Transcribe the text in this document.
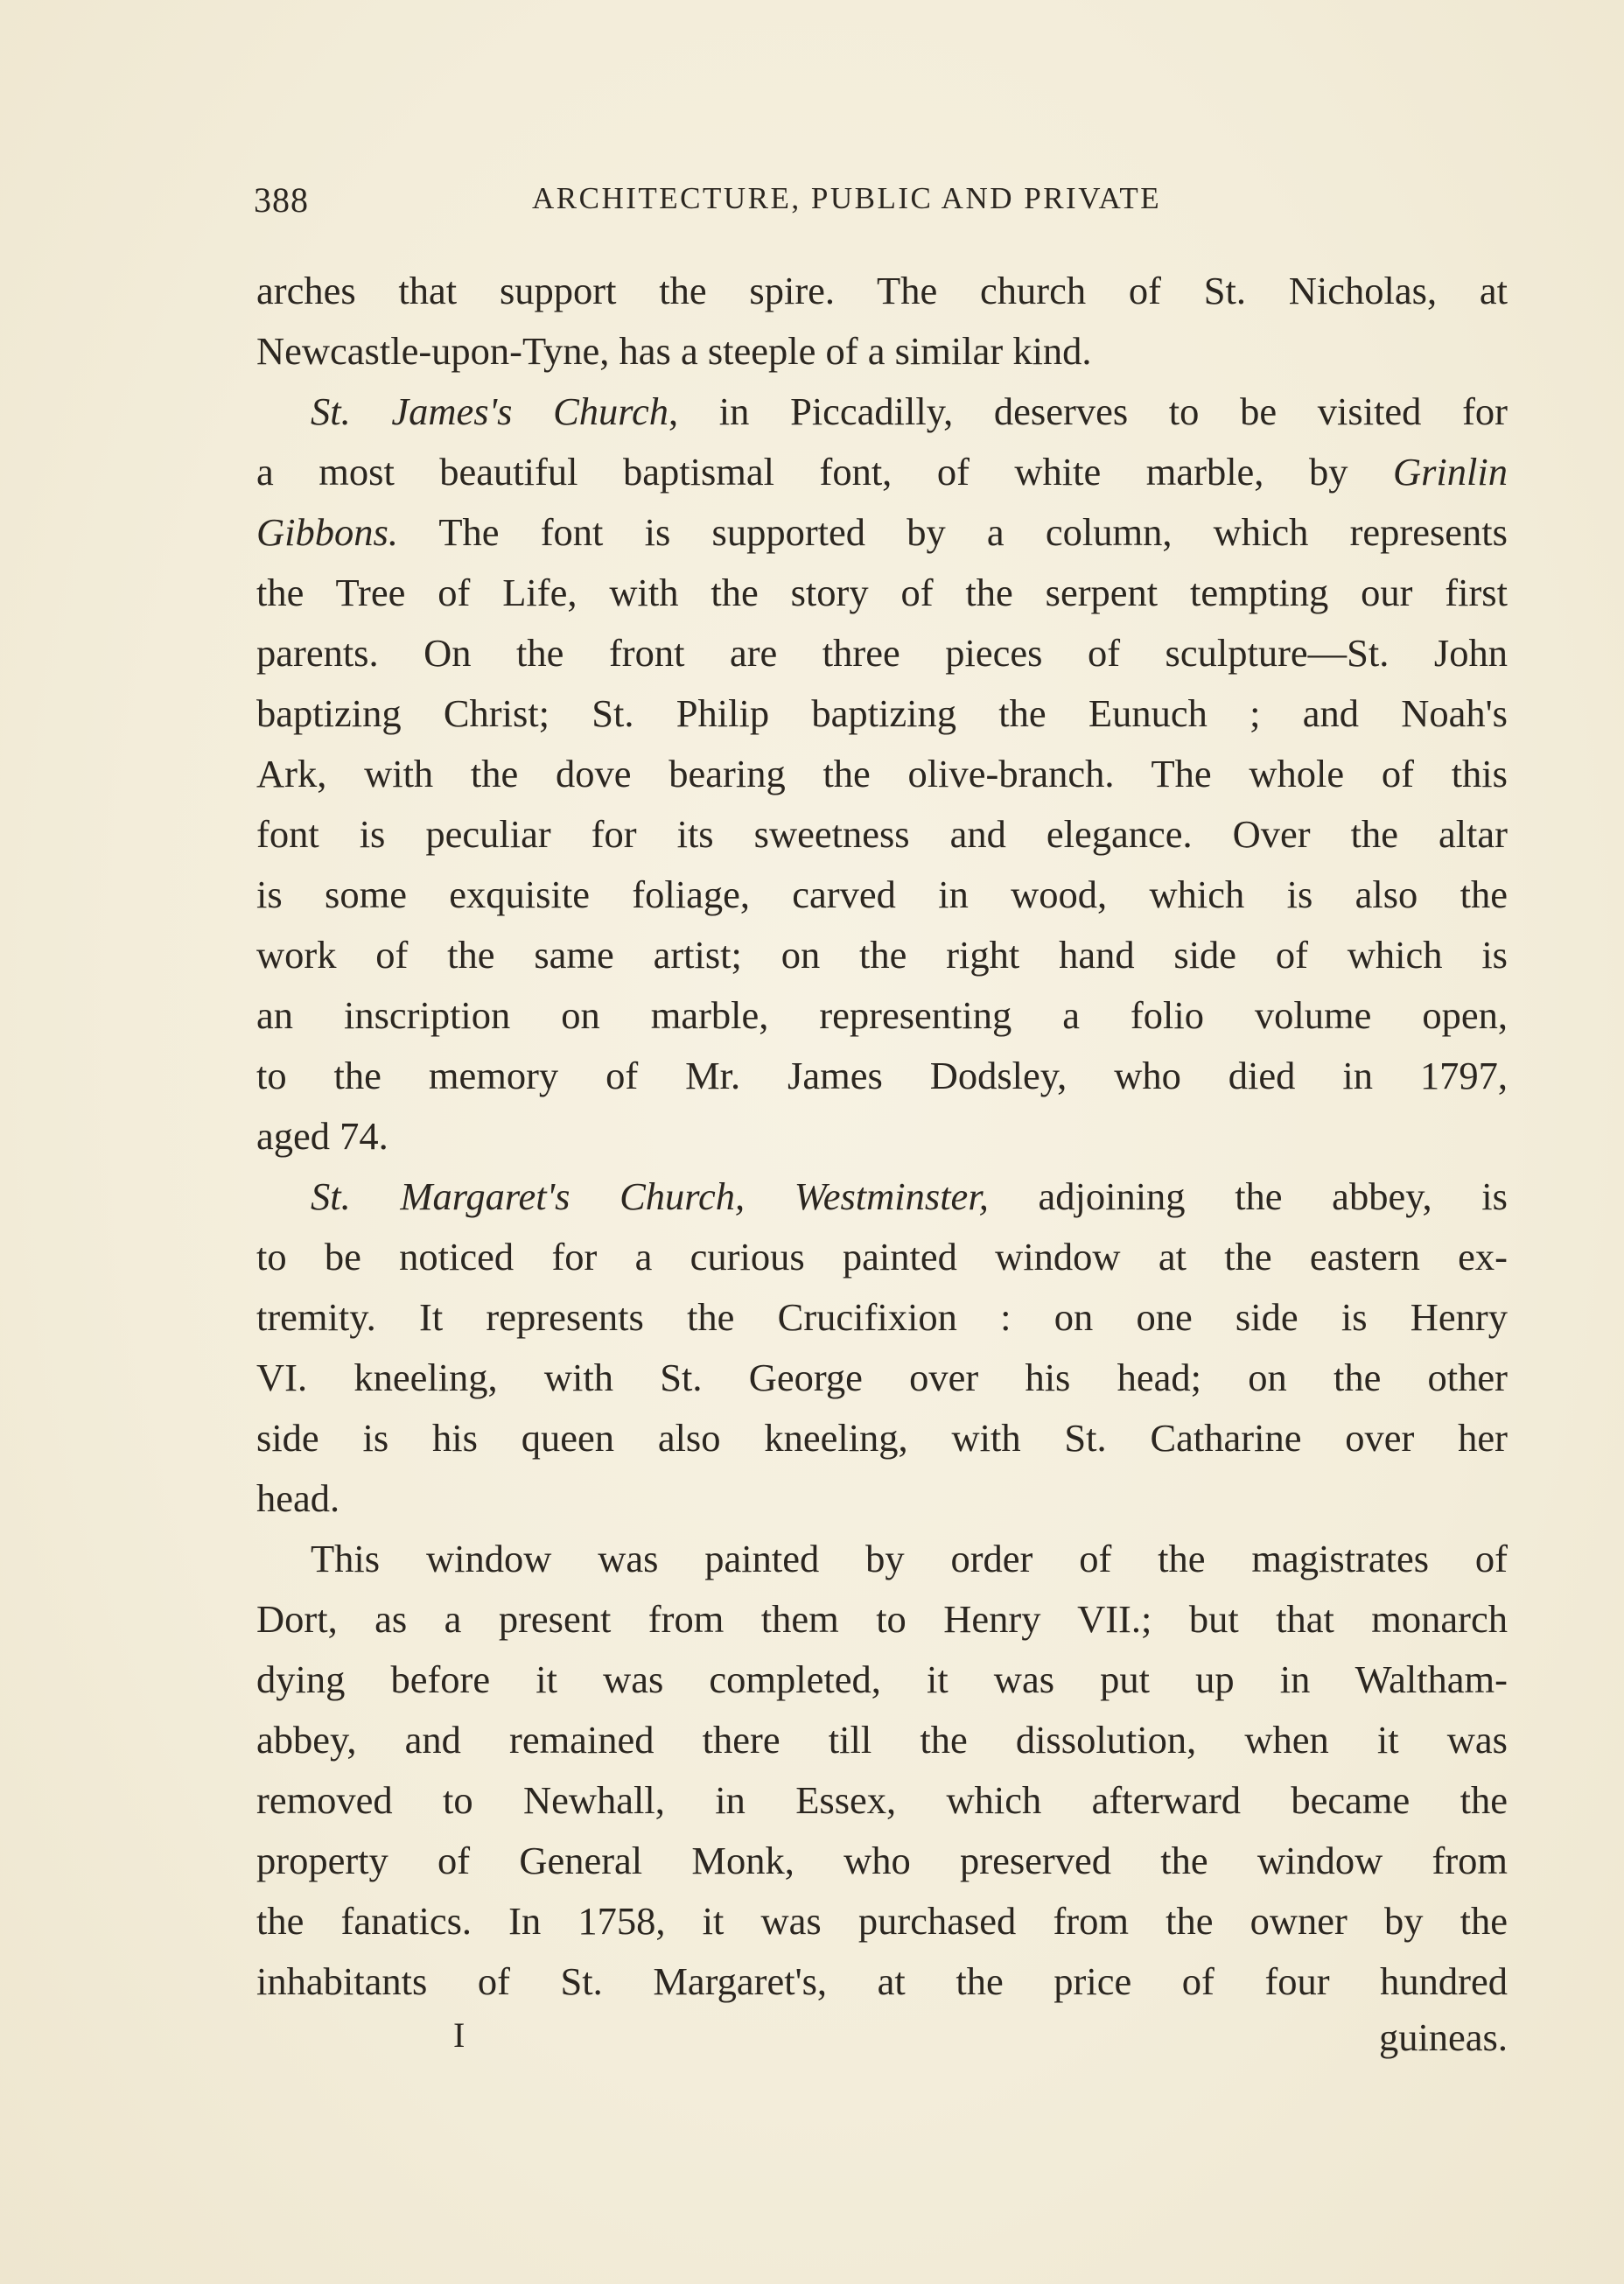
388	ARCHITECTURE, PUBLIC AND PRIVATE
arches that support the spire. The church of St. Nicholas, at
Newcastle-upon-Tyne, has a steeple of a similar kind.
St. James's Church, in Piccadilly, deserves to be visited for
a most beautiful baptismal font, of white marble, by Grinlin
Gibbons. The font is supported by a column, which represents
the Tree of Life, with the story of the serpent tempting our first
parents. On the front are three pieces of sculpture—St. John
baptizing Christ; St. Philip baptizing the Eunuch ; and Noah's
Ark, with the dove bearing the olive-branch. The whole of this
font is peculiar for its sweetness and elegance. Over the altar
is some exquisite foliage, carved in wood, which is also the
work of the same artist; on the right hand side of which is
an inscription on marble, representing a folio volume open,
to the memory of Mr. James Dodsley, who died in 1797,
aged 74.
St. Margaret's Church, Westminster, adjoining the abbey, is
to be noticed for a curious painted window at the eastern ex-
tremity. It represents the Crucifixion : on one side is Henry
VI. kneeling, with St. George over his head; on the other
side is his queen also kneeling, with St. Catharine over her
head.
This window was painted by order of the magistrates of
Dort, as a present from them to Henry VII.; but that monarch
dying before it was completed, it was put up in Waltham-
abbey, and remained there till the dissolution, when it was
removed to Newhall, in Essex, which afterward became the
property of General Monk, who preserved the window from
the fanatics. In 1758, it was purchased from the owner by the
inhabitants of St. Margaret's, at the price of four hundred
I	guineas.
